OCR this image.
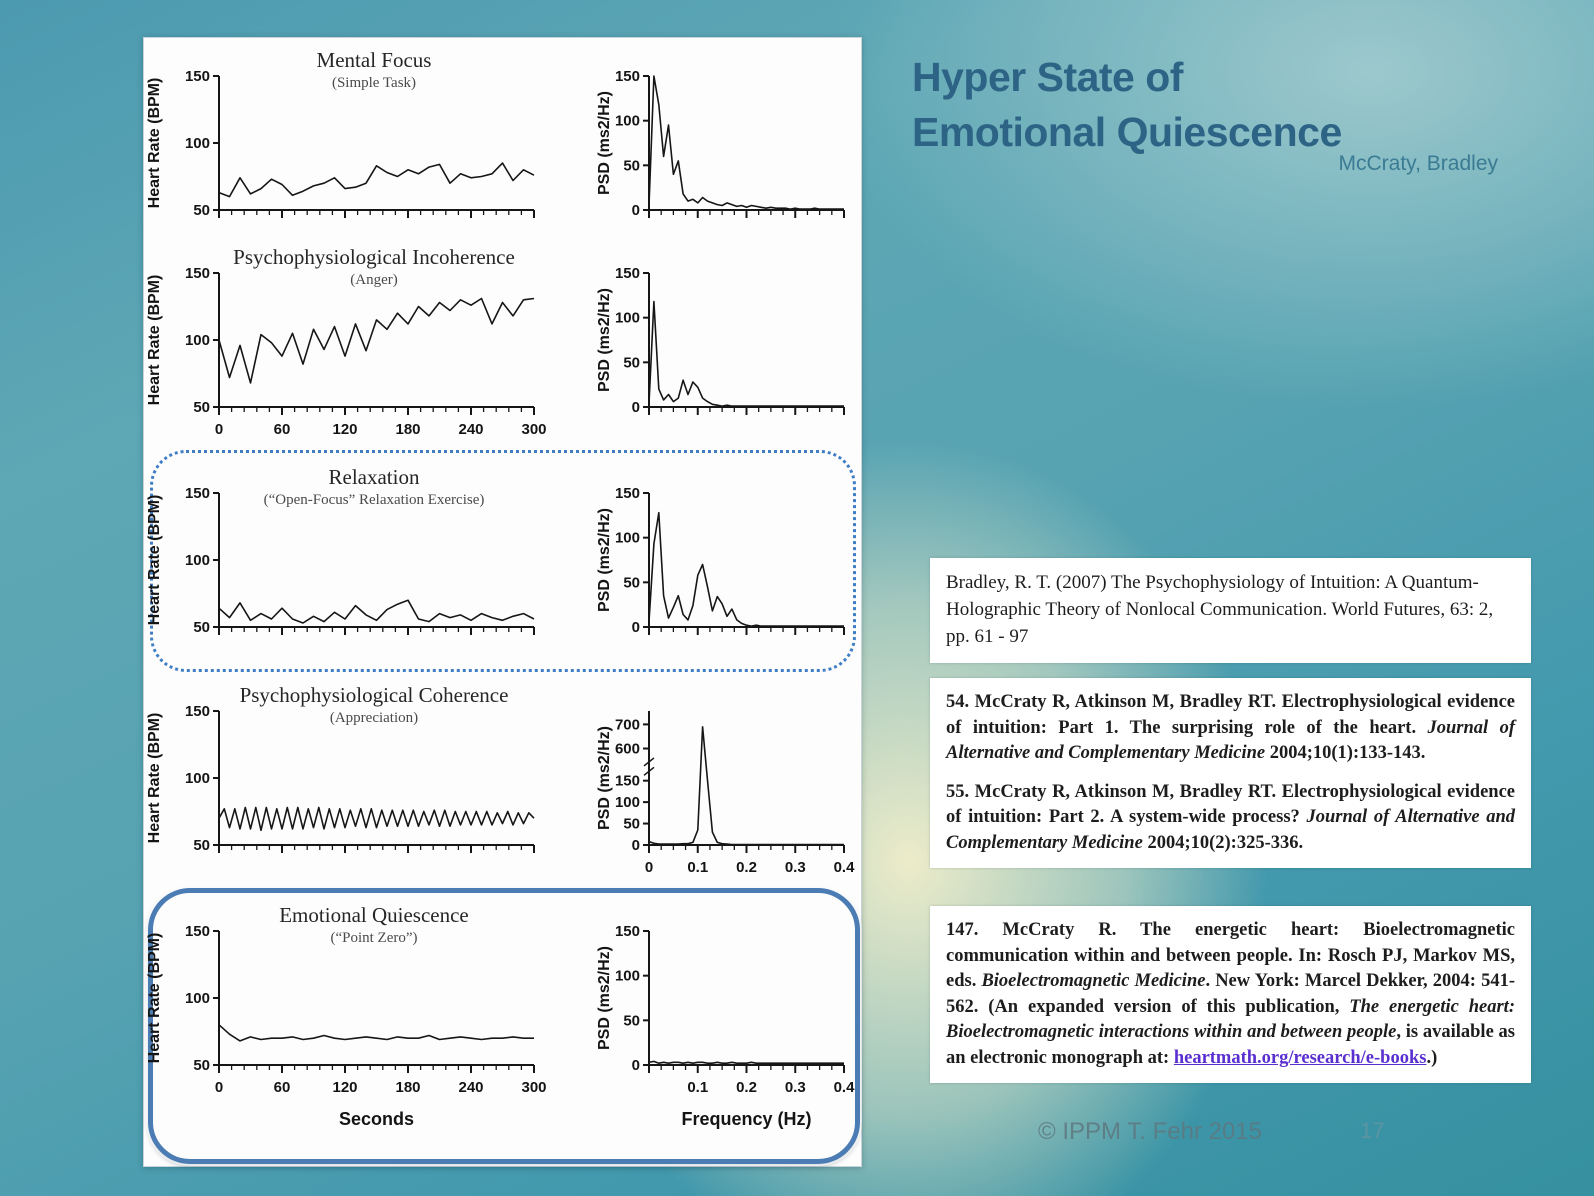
Mental Focus
(Simple Task)
50
100
150
Heart Rate (BPM)
0
50
100
150
PSD (ms2/Hz)
Psychophysiological Incoherence
(Anger)
50
100
150
0	60	120	180	240	300
Heart Rate (BPM)
0
50
100
150
PSD (ms2/Hz)
Relaxation
(“Open-Focus” Relaxation Exercise)
50
100
150
Heart Rate (BPM)
0
50
100
150
PSD (ms2/Hz)
Psychophysiological Coherence
(Appreciation)
50
100
150
Heart Rate (BPM)
0
50
100
150
600
700
0 0.1 0.2 0.3 0.4
PSD (ms2/Hz)
Emotional Quiescence
(“Point Zero”)
50
100
150
0	60	120	180	240	300
Heart Rate (BPM)
Seconds
0
50
100
150
0.1 0.2 0.3 0.4
PSD (ms2/Hz)
Frequency (Hz)
Hyper State of
Emotional Quiescence
McCraty, Bradley

Bradley, R. T. (2007) The Psychophysiology of Intuition: A Quantum-Holographic Theory of Nonlocal Communication. World Futures, 63: 2, pp. 61 - 97

54. McCraty R, Atkinson M, Bradley RT. Electrophysiological evidence of intuition: Part 1. The surprising role of the heart. Journal of Alternative and Complementary Medicine 2004;10(1):133-143.

55. McCraty R, Atkinson M, Bradley RT. Electrophysiological evidence of intuition: Part 2. A system-wide process? Journal of Alternative and Complementary Medicine 2004;10(2):325-336.

147. McCraty R. The energetic heart: Bioelectromagnetic communication within and between people. In: Rosch PJ, Markov MS, eds. Bioelectromagnetic Medicine. New York: Marcel Dekker, 2004: 541-562. (An expanded version of this publication, The energetic heart: Bioelectromagnetic interactions within and between people, is available as an electronic monograph at: heartmath.org/research/e-books.)

© IPPM T. Fehr 2015	17
